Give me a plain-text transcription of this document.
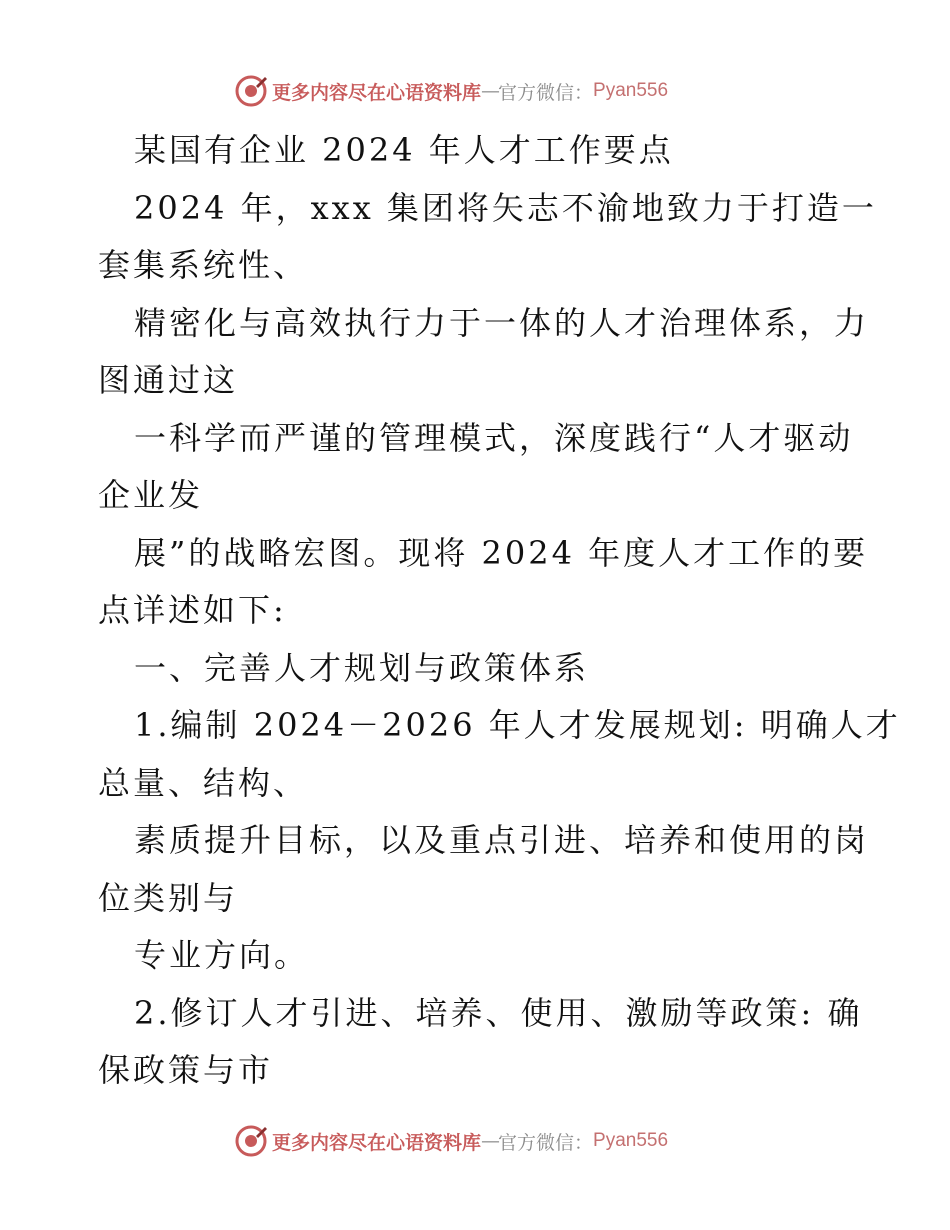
更多内容尽在心语资料库 — 官方微信： Pyan556
某国有企业 2024 年人才工作要点
2024 年，xxx 集团将矢志不渝地致力于打造一
套集系统性、
精密化与高效执行力于一体的人才治理体系，力
图通过这
一科学而严谨的管理模式，深度践行“人才驱动
企业发
展”的战略宏图。现将 2024 年度人才工作的要
点详述如下:
一、完善人才规划与政策体系
1.编制 2024－2026 年人才发展规划: 明确人才
总量、结构、
素质提升目标，以及重点引进、培养和使用的岗
位类别与
专业方向。
2.修订人才引进、培养、使用、激励等政策: 确
保政策与市
更多内容尽在心语资料库 — 官方微信： Pyan556
